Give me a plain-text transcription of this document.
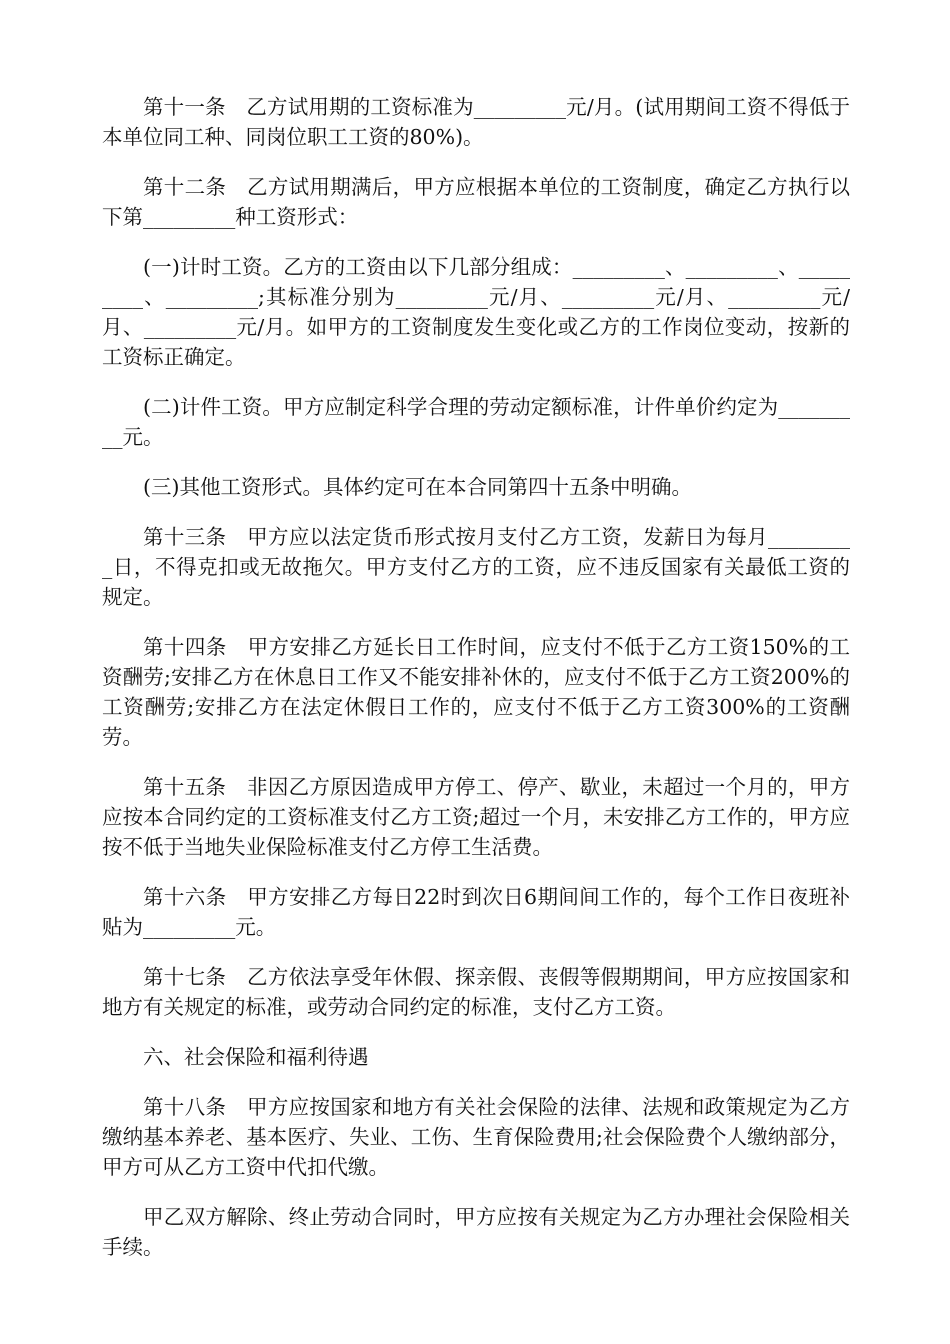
第十一条　乙方试用期的工资标准为_________元/月。(试用期间工资不得低于本单位同工种、同岗位职工工资的80%)。

第十二条　乙方试用期满后，甲方应根据本单位的工资制度，确定乙方执行以下第_________种工资形式：

(一)计时工资。乙方的工资由以下几部分组成：_________、_________、_________、_________;其标准分别为_________元/月、_________元/月、_________元/月、_________元/月。如甲方的工资制度发生变化或乙方的工作岗位变动，按新的工资标正确定。

(二)计件工资。甲方应制定科学合理的劳动定额标准，计件单价约定为_________元。

(三)其他工资形式。具体约定可在本合同第四十五条中明确。

第十三条　甲方应以法定货币形式按月支付乙方工资，发薪日为每月_________日，不得克扣或无故拖欠。甲方支付乙方的工资，应不违反国家有关最低工资的规定。

第十四条　甲方安排乙方延长日工作时间，应支付不低于乙方工资150%的工资酬劳;安排乙方在休息日工作又不能安排补休的，应支付不低于乙方工资200%的工资酬劳;安排乙方在法定休假日工作的，应支付不低于乙方工资300%的工资酬劳。

第十五条　非因乙方原因造成甲方停工、停产、歇业，未超过一个月的，甲方应按本合同约定的工资标准支付乙方工资;超过一个月，未安排乙方工作的，甲方应按不低于当地失业保险标准支付乙方停工生活费。

第十六条　甲方安排乙方每日22时到次日6期间间工作的，每个工作日夜班补贴为_________元。

第十七条　乙方依法享受年休假、探亲假、丧假等假期期间，甲方应按国家和地方有关规定的标准，或劳动合同约定的标准，支付乙方工资。

六、社会保险和福利待遇

第十八条　甲方应按国家和地方有关社会保险的法律、法规和政策规定为乙方缴纳基本养老、基本医疗、失业、工伤、生育保险费用;社会保险费个人缴纳部分，甲方可从乙方工资中代扣代缴。

甲乙双方解除、终止劳动合同时，甲方应按有关规定为乙方办理社会保险相关手续。
